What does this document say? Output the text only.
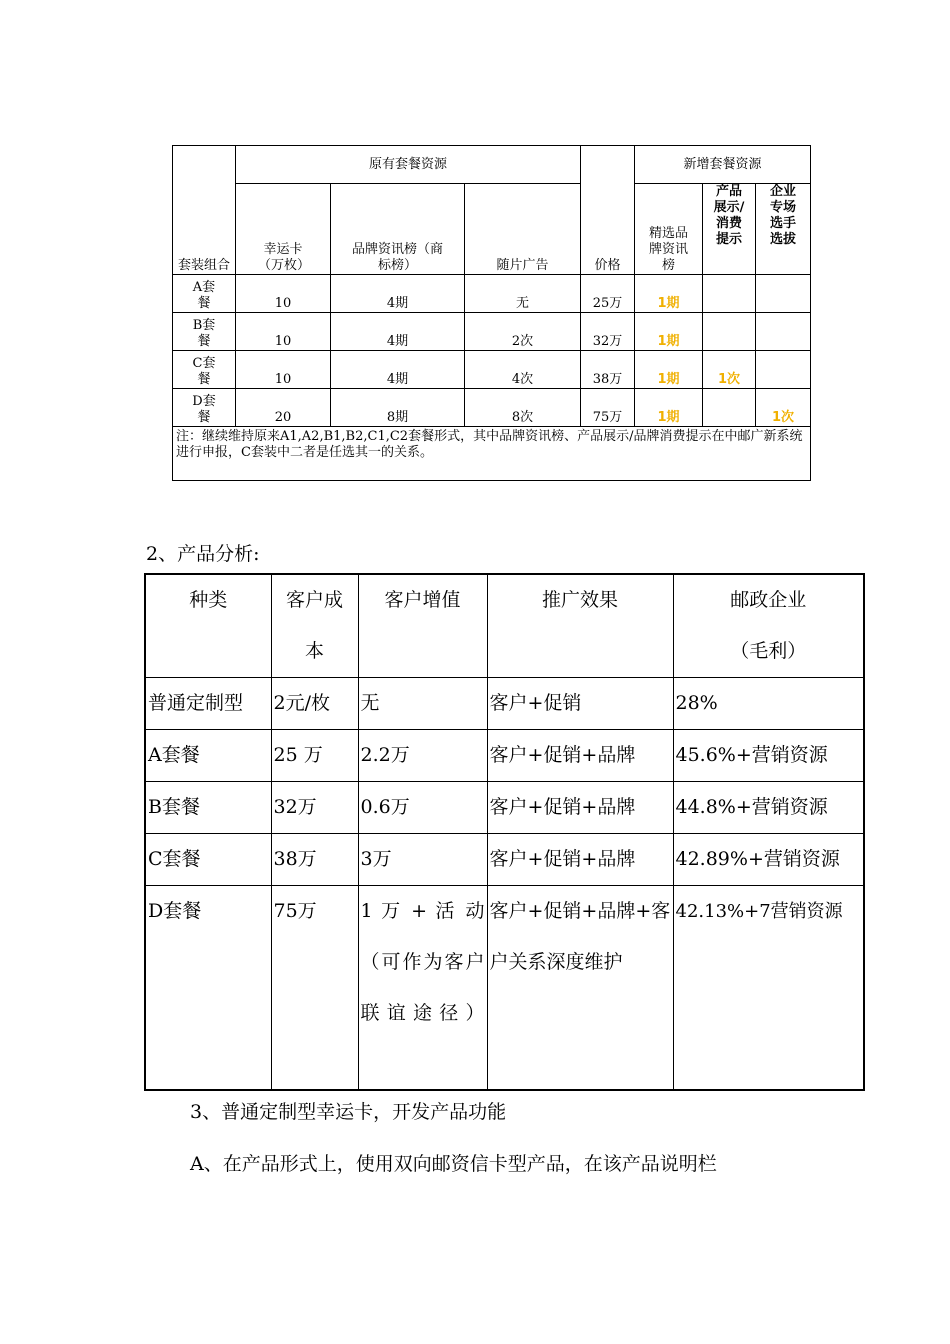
套装组合	原有套餐资源			价格	新增套餐资源		
	幸运卡（万枚）	品牌资讯榜（商标榜）	随片广告		精选品牌资讯榜	产品展示/消费提示	企业专场选手选拔
A套餐	10	4期	无	25万	1期		
B套餐	10	4期	2次	32万	1期		
C套餐	10	4期	4次	38万	1期	1次	
D套餐	20	8期	8次	75万	1期		1次
注：继续维持原来A1,A2,B1,B2,C1,C2套餐形式，其中品牌资讯榜、产品展示/品牌消费提示在中邮广新系统进行申报，C套装中二者是任选其一的关系。							
2、产品分析:
种类	客户成本	客户增值	推广效果	邮政企业（毛利）
普通定制型	2元/枚	无	客户+促销	28%
A套餐	25 万	2.2万	客户+促销+品牌	45.6%+营销资源
B套餐	32万	0.6万	客户+促销+品牌	44.8%+营销资源
C套餐	38万	3万	客户+促销+品牌	42.89%+营销资源
D套餐	75万	1 万 + 活 动（可作为客户联谊途径）	客户+促销+品牌+客户关系深度维护	42.13%+7营销资源
3、普通定制型幸运卡，开发产品功能
A、在产品形式上，使用双向邮资信卡型产品，在该产品说明栏
